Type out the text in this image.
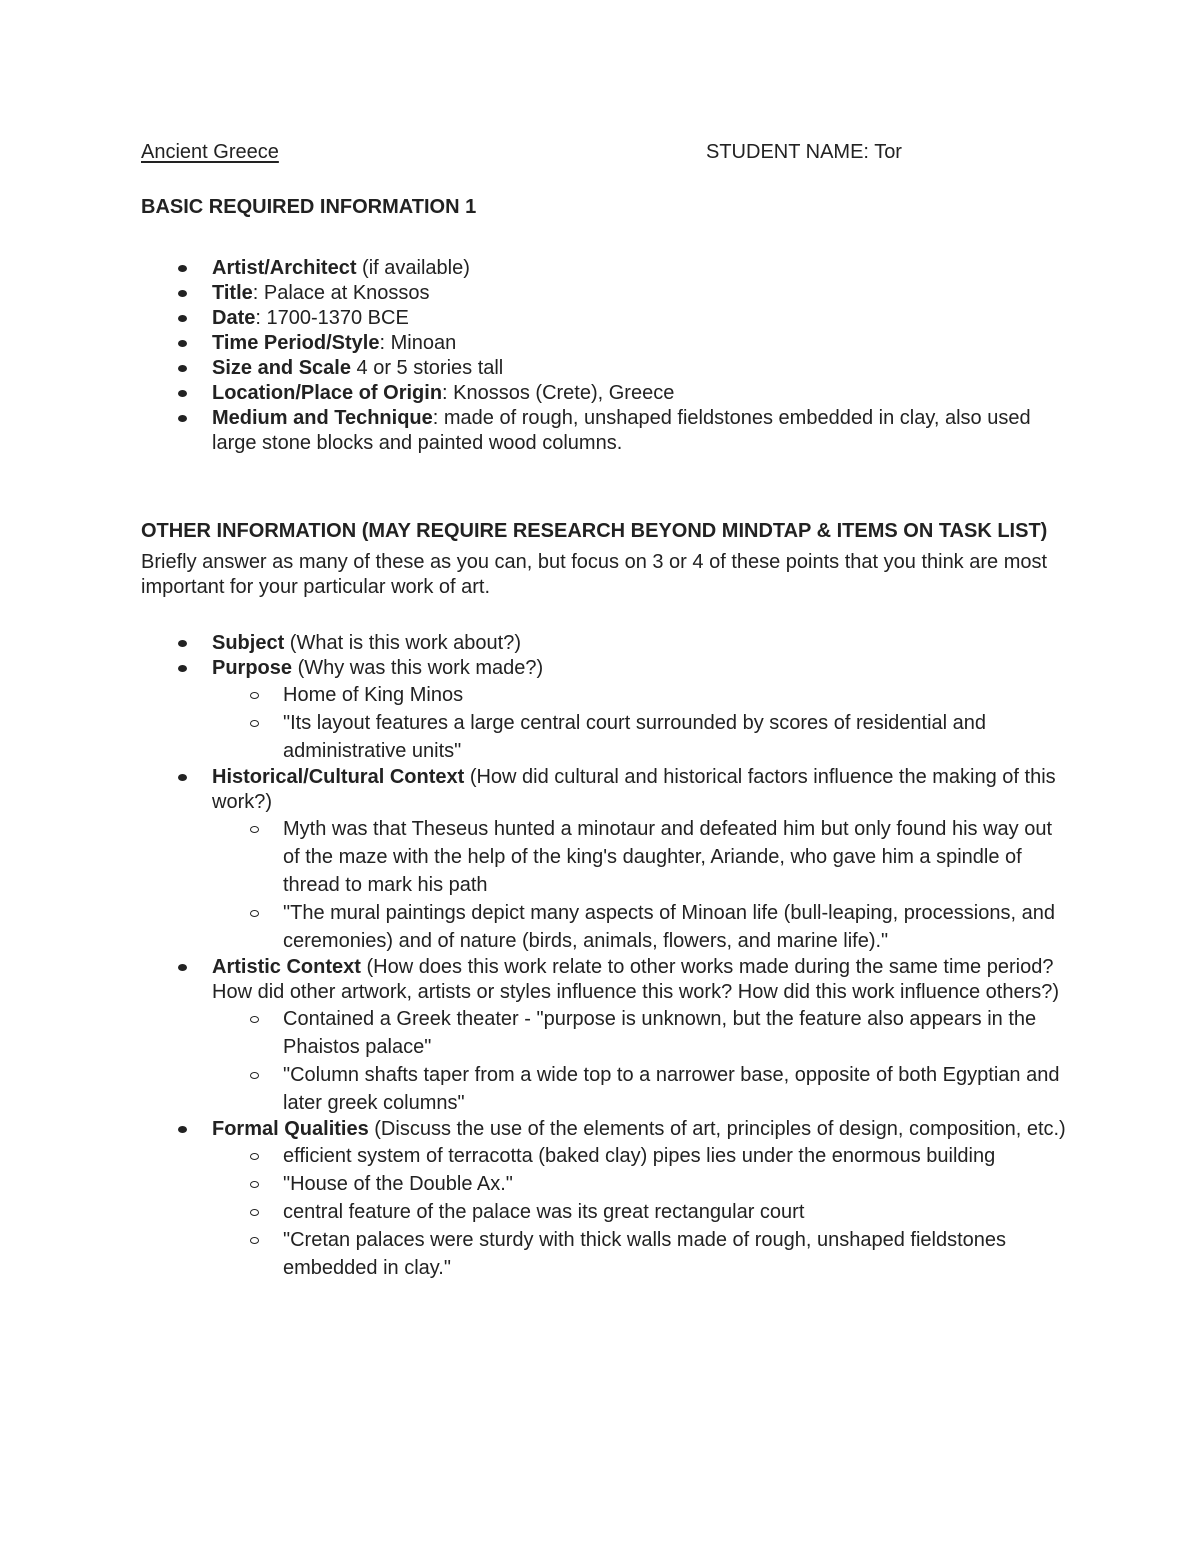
Ancient Greece	STUDENT NAME: Tor

BASIC REQUIRED INFORMATION 1

Artist/Architect (if available)
Title: Palace at Knossos
Date: 1700-1370 BCE
Time Period/Style: Minoan
Size and Scale 4 or 5 stories tall
Location/Place of Origin: Knossos (Crete), Greece
Medium and Technique: made of rough, unshaped fieldstones embedded in clay, also used large stone blocks and painted wood columns.

OTHER INFORMATION (MAY REQUIRE RESEARCH BEYOND MINDTAP & ITEMS ON TASK LIST)

Briefly answer as many of these as you can, but focus on 3 or 4 of these points that you think are most important for your particular work of art.

Subject (What is this work about?)
Purpose (Why was this work made?)
Home of King Minos
"Its layout features a large central court surrounded by scores of residential and administrative units"
Historical/Cultural Context (How did cultural and historical factors influence the making of this work?)
Myth was that Theseus hunted a minotaur and defeated him but only found his way out of the maze with the help of the king's daughter, Ariande, who gave him a spindle of thread to mark his path
"The mural paintings depict many aspects of Minoan life (bull-leaping, processions, and ceremonies) and of nature (birds, animals, flowers, and marine life)."
Artistic Context (How does this work relate to other works made during the same time period? How did other artwork, artists or styles influence this work? How did this work influence others?)
Contained a Greek theater - "purpose is unknown, but the feature also appears in the Phaistos palace"
"Column shafts taper from a wide top to a narrower base, opposite of both Egyptian and later greek columns"
Formal Qualities (Discuss the use of the elements of art, principles of design, composition, etc.)
efficient system of terracotta (baked clay) pipes lies under the enormous building
"House of the Double Ax."
central feature of the palace was its great rectangular court
"Cretan palaces were sturdy with thick walls made of rough, unshaped fieldstones embedded in clay."
